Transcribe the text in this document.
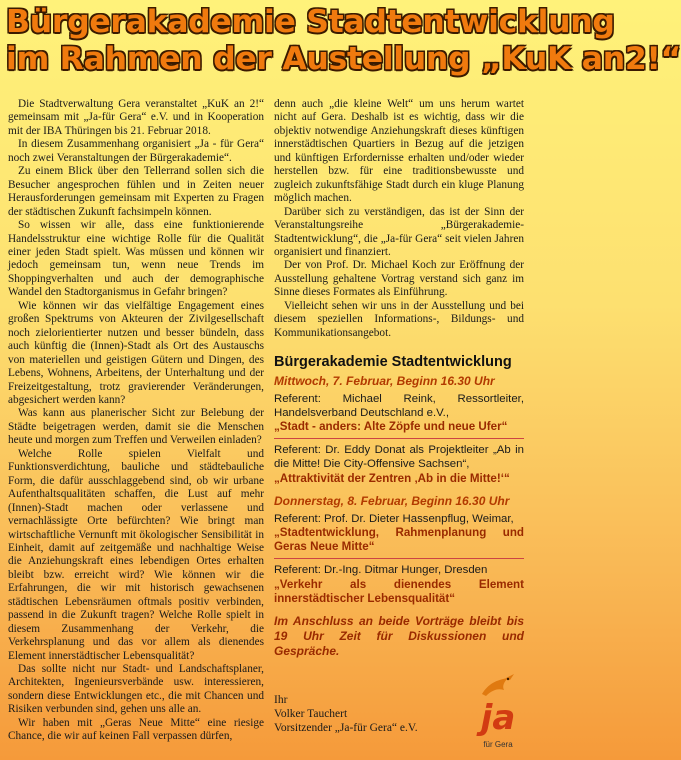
Bürgerakademie Stadtentwicklung
im Rahmen der Austellung „KuK an2!“

Die Stadtverwaltung Gera veranstaltet „KuK an 2!“ gemeinsam mit „Ja-für Gera“ e.V. und in Kooperation mit der IBA Thüringen bis 21. Februar 2018.

In diesem Zusammenhang organisiert „Ja - für Gera“ noch zwei Veranstaltungen der Bürgerakademie“.

Zu einem Blick über den Tellerrand sollen sich die Besucher angesprochen fühlen und in Zeiten neuer Herausforderungen gemeinsam mit Experten zu Fragen der städtischen Zukunft fachsimpeln können.

So wissen wir alle, dass eine funktionierende Handelsstruktur eine wichtige Rolle für die Qualität einer jeden Stadt spielt. Was müssen und können wir jedoch gemeinsam tun, wenn neue Trends im Shoppingverhalten und auch der demographische Wandel den Stadtorganismus in Gefahr bringen?

Wie können wir das vielfältige Engagement eines großen Spektrums von Akteuren der Zivilgesellschaft noch zielorientierter nutzen und besser bündeln, dass auch künftig die (Innen)-Stadt als Ort des Austauschs von materiellen und geistigen Gütern und Dingen, des Lebens, Wohnens, Arbeitens, der Unterhaltung und der Freizeitgestaltung, trotz gravierender Veränderungen, abgesichert werden kann?

Was kann aus planerischer Sicht zur Belebung der Städte beigetragen werden, damit sie die Menschen heute und morgen zum Treffen und Verweilen einladen?

Welche Rolle spielen Vielfalt und Funktionsverdichtung, bauliche und städtebauliche Form, die dafür ausschlaggebend sind, ob wir urbane Aufenthaltsqualitäten schaffen, die Lust auf mehr (Innen)-Stadt machen oder verlassene und vernachlässigte Orte befürchten? Wie bringt man wirtschaftliche Vernunft mit ökologischer Sensibilität in Einheit, damit auf zeitgemäße und nachhaltige Weise die Anziehungskraft eines lebendigen Ortes erhalten bleibt bzw. erreicht wird? Wie können wir die Erfahrungen, die wir mit historisch gewachsenen städtischen Lebensräumen oftmals positiv verbinden, passend in die Zukunft tragen? Welche Rolle spielt in diesem Zusammenhang der Verkehr, die Verkehrsplanung und das vor allem als dienendes Element innerstädtischer Lebensqualität?

Das sollte nicht nur Stadt- und Landschaftsplaner, Architekten, Ingenieursverbände usw. interessieren, sondern diese Entwicklungen etc., die mit Chancen und Risiken verbunden sind, gehen uns alle an.

Wir haben mit „Geras Neue Mitte“ eine riesige Chance, die wir auf keinen Fall verpassen dürfen,

denn auch „die kleine Welt“ um uns herum wartet nicht auf Gera. Deshalb ist es wichtig, dass wir die objektiv notwendige Anziehungskraft dieses künftigen innerstädtischen Quartiers in Bezug auf die jetzigen und künftigen Erfordernisse erhalten und/oder wieder herstellen bzw. für eine traditionsbewusste und zugleich zukunftsfähige Stadt durch ein kluge Planung möglich machen.

Darüber sich zu verständigen, das ist der Sinn der Veranstaltungsreihe „Bürgerakademie-Stadtentwicklung“, die „Ja-für Gera“ seit vielen Jahren organisiert und finanziert.

Der von Prof. Dr. Michael Koch zur Eröffnung der Ausstellung gehaltene Vortrag verstand sich ganz im Sinne dieses Formates als Einführung.

Vielleicht sehen wir uns in der Ausstellung und bei diesem speziellen Informations-, Bildungs- und Kommunikationsangebot.

Bürgerakademie Stadtentwicklung
Mittwoch, 7. Februar, Beginn 16.30 Uhr
Referent: Michael Reink, Ressortleiter, Handelsverband Deutschland e.V.,
„Stadt - anders: Alte Zöpfe und neue Ufer“
Referent: Dr. Eddy Donat als Projektleiter „Ab in die Mitte! Die City-Offensive Sachsen“,
„Attraktivität der Zentren ‚Ab in die Mitte!‘“
Donnerstag, 8. Februar, Beginn 16.30 Uhr
Referent: Prof. Dr. Dieter Hassenpflug, Weimar,
„Stadtentwicklung, Rahmenplanung und Geras Neue Mitte“
Referent: Dr.-Ing. Ditmar Hunger, Dresden
„Verkehr als dienendes Element innerstädtischer Lebensqualität“
Im Anschluss an beide Vorträge bleibt bis 19 Uhr Zeit für Diskussionen und Gespräche.
Ihr
Volker Tauchert
Vorsitzender „Ja-für Gera“ e.V.	ja
für Gera
